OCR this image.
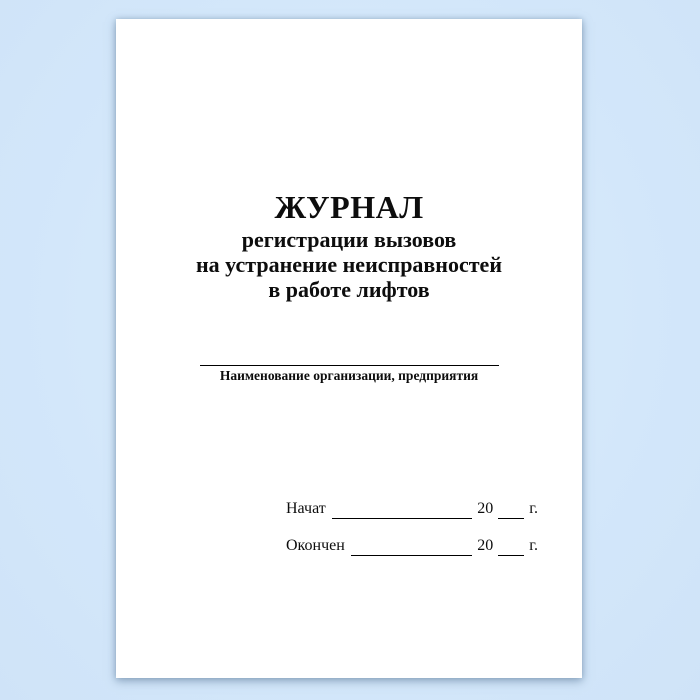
ЖУРНАЛ
регистрации вызовов
на устранение неисправностей
в работе лифтов
Наименование организации, предприятия
Начат	20 г.
Окончен	20 г.
